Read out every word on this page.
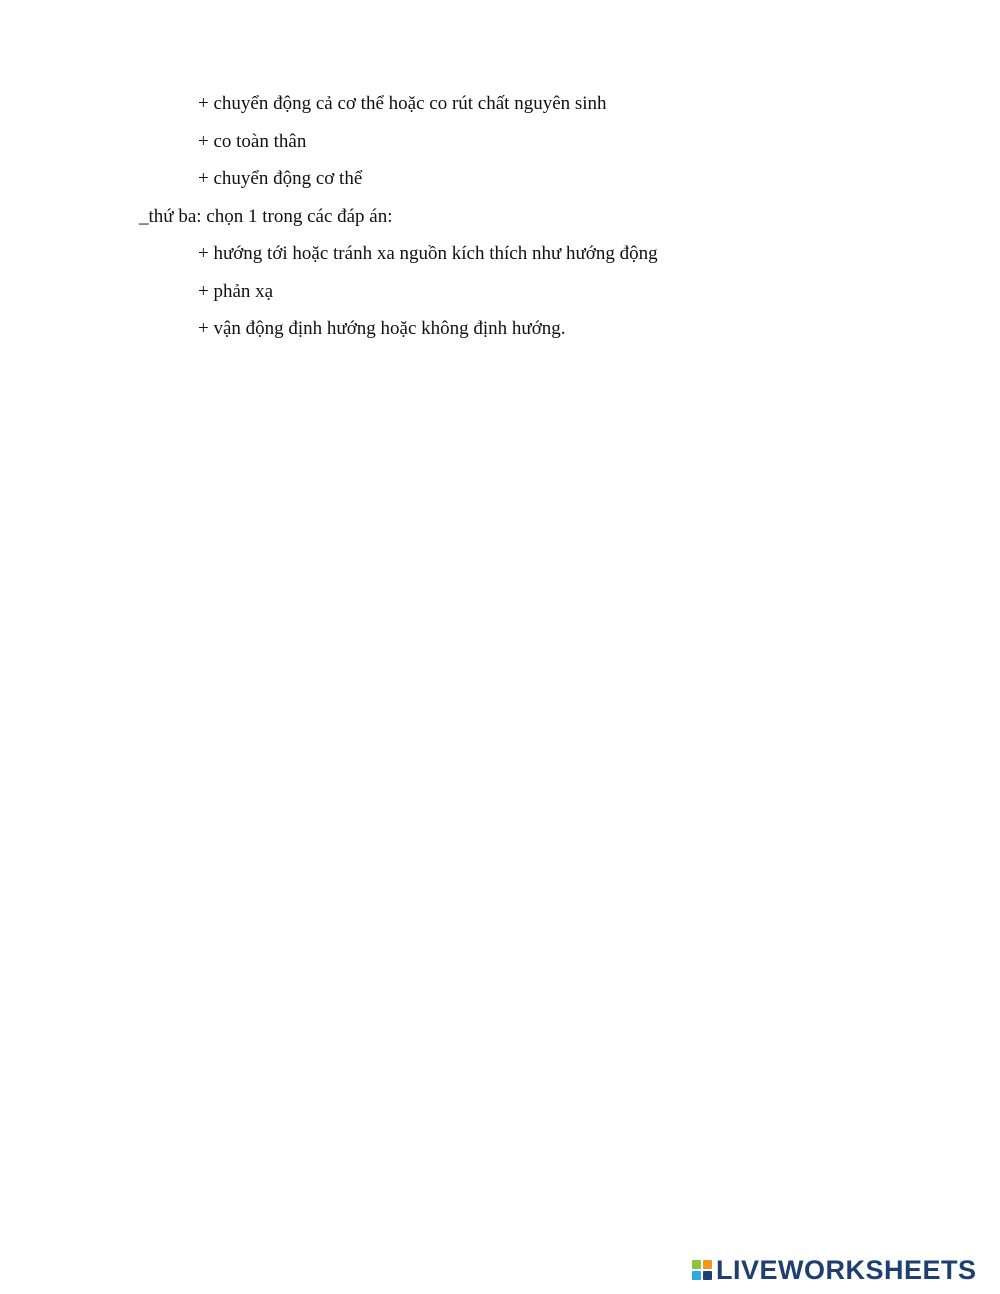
+ chuyển động cả cơ thể hoặc co rút chất nguyên sinh
+ co toàn thân
+ chuyển động cơ thể
_thứ ba: chọn 1 trong các đáp án:
+ hướng tới hoặc tránh xa nguồn kích thích như hướng động
+ phản xạ
+ vận động định hướng hoặc không định hướng.
LIVEWORKSHEETS
